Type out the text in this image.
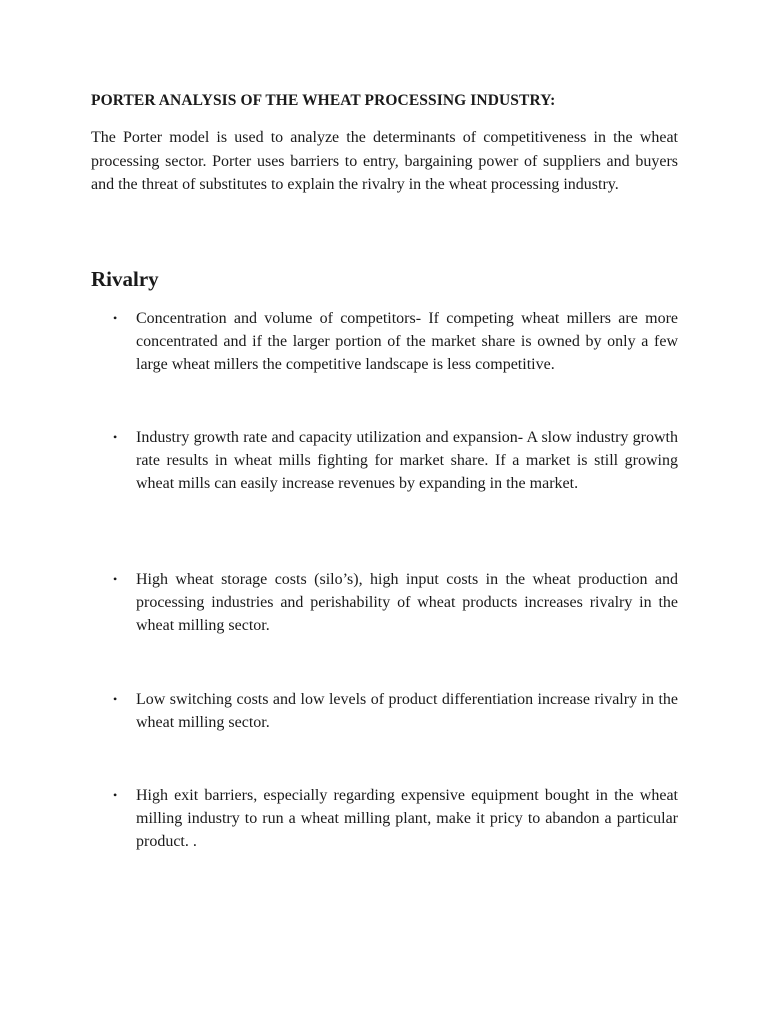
PORTER ANALYSIS OF THE WHEAT PROCESSING INDUSTRY:

The Porter model is used to analyze the determinants of competitiveness in the wheat processing sector. Porter uses barriers to entry, bargaining power of suppliers and buyers and the threat of substitutes to explain the rivalry in the wheat processing industry.

Rivalry
• Concentration and volume of competitors- If competing wheat millers are more concentrated and if the larger portion of the market share is owned by only a few large wheat millers the competitive landscape is less competitive.

• Industry growth rate and capacity utilization and expansion- A slow industry growth rate results in wheat mills fighting for market share. If a market is still growing wheat mills can easily increase revenues by expanding in the market.

• High wheat storage costs (silo’s), high input costs in the wheat production and processing industries and perishability of wheat products increases rivalry in the wheat milling sector.

• Low switching costs and low levels of product differentiation increase rivalry in the wheat milling sector.

• High exit barriers, especially regarding expensive equipment bought in the wheat milling industry to run a wheat milling plant, make it pricy to abandon a particular product. .
